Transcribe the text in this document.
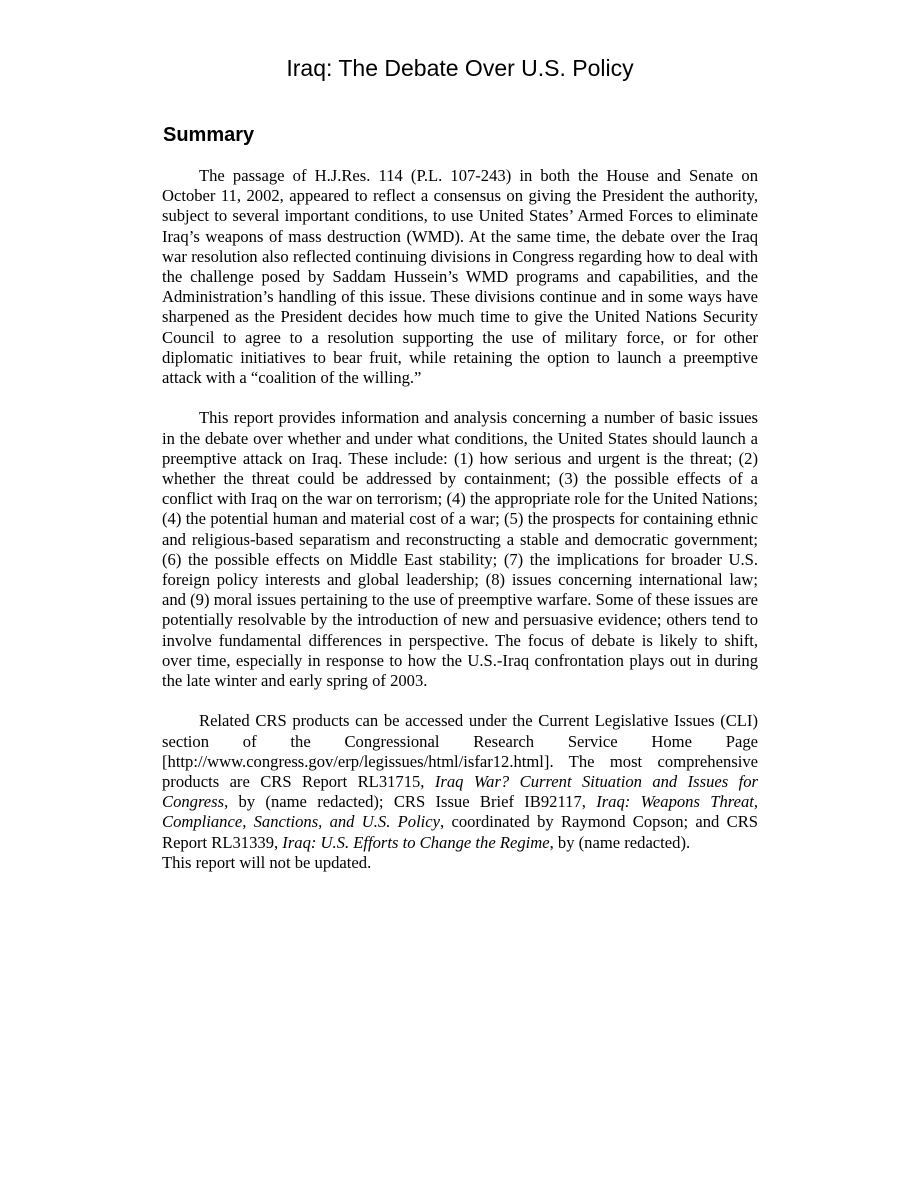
Iraq: The Debate Over U.S. Policy
Summary

The passage of H.J.Res. 114 (P.L. 107-243) in both the House and Senate on October 11, 2002, appeared to reflect a consensus on giving the President the authority, subject to several important conditions, to use United States’ Armed Forces to eliminate Iraq’s weapons of mass destruction (WMD). At the same time, the debate over the Iraq war resolution also reflected continuing divisions in Congress regarding how to deal with the challenge posed by Saddam Hussein’s WMD programs and capabilities, and the Administration’s handling of this issue. These divisions continue and in some ways have sharpened as the President decides how much time to give the United Nations Security Council to agree to a resolution supporting the use of military force, or for other diplomatic initiatives to bear fruit, while retaining the option to launch a preemptive attack with a “coalition of the willing.”

This report provides information and analysis concerning a number of basic issues in the debate over whether and under what conditions, the United States should launch a preemptive attack on Iraq. These include: (1) how serious and urgent is the threat; (2) whether the threat could be addressed by containment; (3) the possible effects of a conflict with Iraq on the war on terrorism; (4) the appropriate role for the United Nations; (4) the potential human and material cost of a war; (5) the prospects for containing ethnic and religious-based separatism and reconstructing a stable and democratic government; (6) the possible effects on Middle East stability; (7) the implications for broader U.S. foreign policy interests and global leadership; (8) issues concerning international law; and (9) moral issues pertaining to the use of preemptive warfare. Some of these issues are potentially resolvable by the introduction of new and persuasive evidence; others tend to involve fundamental differences in perspective. The focus of debate is likely to shift, over time, especially in response to how the U.S.-Iraq confrontation plays out in during the late winter and early spring of 2003.

Related CRS products can be accessed under the Current Legislative Issues (CLI) section of the Congressional Research Service Home Page [http://www.congress.gov/erp/legissues/html/isfar12.html]. The most comprehensive products are CRS Report RL31715, Iraq War? Current Situation and Issues for Congress, by (name redacted); CRS Issue Brief IB92117, Iraq: Weapons Threat, Compliance, Sanctions, and U.S. Policy, coordinated by Raymond Copson; and CRS Report RL31339, Iraq: U.S. Efforts to Change the Regime, by (name redacted).

This report will not be updated.
